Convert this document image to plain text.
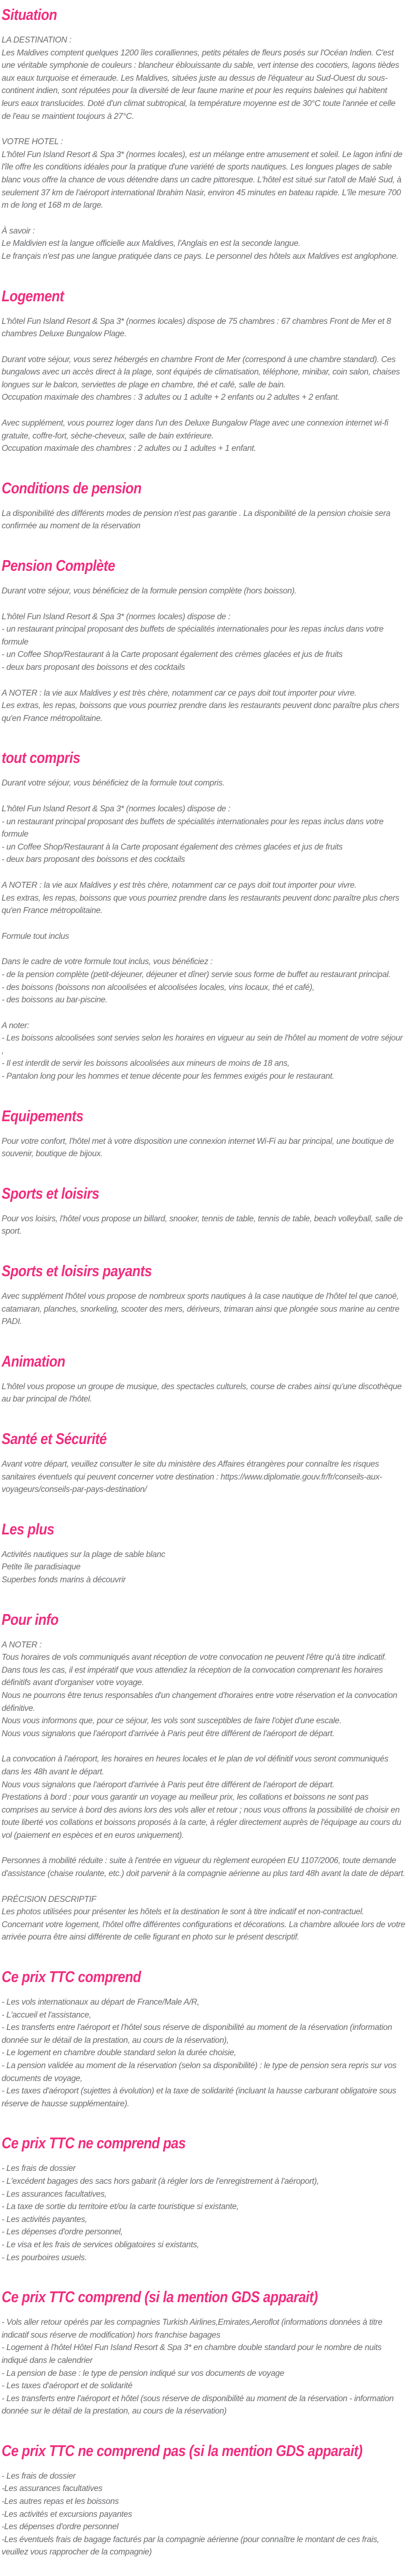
Situation

LA DESTINATION :

Les Maldives comptent quelques 1200 îles coralliennes, petits pétales de fleurs posés sur l'Océan Indien. C'est une véritable symphonie de couleurs : blancheur éblouissante du sable, vert intense des cocotiers, lagons tièdes aux eaux turquoise et émeraude. Les Maldives, situées juste au dessus de l'équateur au Sud-Ouest du sous-continent indien, sont réputées pour la diversité de leur faune marine et pour les requins baleines qui habitent leurs eaux translucides. Doté d'un climat subtropical, la température moyenne est de 30°C toute l'année et celle de l'eau se maintient toujours à 27°C.

VOTRE HOTEL :

L'hôtel Fun Island Resort & Spa 3* (normes locales), est un mélange entre amusement et soleil. Le lagon infini de l'île offre les conditions idéales pour la pratique d'une variété de sports nautiques. Les longues plages de sable blanc vous offre la chance de vous détendre dans un cadre pittoresque. L'hôtel est situé sur l'atoll de Malé Sud, à seulement 37 km de l'aéroport international Ibrahim Nasir, environ 45 minutes en bateau rapide. L'île mesure 700 m de long et 168 m de large.

À savoir :

Le Maldivien est la langue officielle aux Maldives, l'Anglais en est la seconde langue.

Le français n'est pas une langue pratiquée dans ce pays. Le personnel des hôtels aux Maldives est anglophone.

Logement

L'hôtel Fun Island Resort & Spa 3* (normes locales) dispose de 75 chambres : 67 chambres Front de Mer et 8 chambres Deluxe Bungalow Plage.

Durant votre séjour, vous serez hébergés en chambre Front de Mer (correspond à une chambre standard). Ces bungalows avec un accès direct à la plage, sont équipés de climatisation, téléphone, minibar, coin salon, chaises longues sur le balcon, serviettes de plage en chambre, thé et café, salle de bain.

Occupation maximale des chambres : 3 adultes ou 1 adulte + 2 enfants ou 2 adultes + 2 enfant.

Avec supplément, vous pourrez loger dans l'un des Deluxe Bungalow Plage avec une connexion internet wi-fi gratuite, coffre-fort, sèche-cheveux, salle de bain extérieure.

Occupation maximale des chambres : 2 adultes ou 1 adultes + 1 enfant.

Conditions de pension

La disponibilité des différents modes de pension n'est pas garantie . La disponibilité de la pension choisie sera confirmée au moment de la réservation

Pension Complète

Durant votre séjour, vous bénéficiez de la formule pension complète (hors boisson).

L'hôtel Fun Island Resort & Spa 3* (normes locales) dispose de :

- un restaurant principal proposant des buffets de spécialités internationales pour les repas inclus dans votre formule

- un Coffee Shop/Restaurant à la Carte proposant également des crèmes glacées et jus de fruits

- deux bars proposant des boissons et des cocktails

A NOTER : la vie aux Maldives y est très chère, notamment car ce pays doit tout importer pour vivre.

Les extras, les repas, boissons que vous pourriez prendre dans les restaurants peuvent donc paraître plus chers qu'en France métropolitaine.

tout compris

Durant votre séjour, vous bénéficiez de la formule tout compris.

L'hôtel Fun Island Resort & Spa 3* (normes locales) dispose de :

- un restaurant principal proposant des buffets de spécialités internationales pour les repas inclus dans votre formule

- un Coffee Shop/Restaurant à la Carte proposant également des crèmes glacées et jus de fruits

- deux bars proposant des boissons et des cocktails

A NOTER : la vie aux Maldives y est très chère, notamment car ce pays doit tout importer pour vivre.

Les extras, les repas, boissons que vous pourriez prendre dans les restaurants peuvent donc paraître plus chers qu'en France métropolitaine.

Formule tout inclus

Dans le cadre de votre formule tout inclus, vous bénéficiez :

- de la pension complète (petit-déjeuner, déjeuner et dîner) servie sous forme de buffet au restaurant principal.

- des boissons (boissons non alcoolisées et alcoolisées locales, vins locaux, thé et café),

- des boissons au bar-piscine.

A noter:

- Les boissons alcoolisées sont servies selon les horaires en vigueur au sein de l'hôtel au moment de votre séjour ,

- Il est interdit de servir les boissons alcoolisées aux mineurs de moins de 18 ans,

- Pantalon long pour les hommes et tenue décente pour les femmes exigés pour le restaurant.

Equipements

Pour votre confort, l'hôtel met à votre disposition une connexion internet Wi-Fi au bar principal, une boutique de souvenir, boutique de bijoux.

Sports et loisirs

Pour vos loisirs, l'hôtel vous propose un billard, snooker, tennis de table, tennis de table, beach volleyball, salle de sport.

Sports et loisirs payants

Avec supplément l'hôtel vous propose de nombreux sports nautiques à la case nautique de l'hôtel tel que canoë, catamaran, planches, snorkeling, scooter des mers, dériveurs, trimaran ainsi que plongée sous marine au centre PADI.

Animation

L'hôtel vous propose un groupe de musique, des spectacles culturels, course de crabes ainsi qu'une discothèque au bar principal de l'hôtel.

Santé et Sécurité

Avant votre départ, veuillez consulter le site du ministère des Affaires étrangères pour connaître les risques sanitaires éventuels qui peuvent concerner votre destination : https://www.diplomatie.gouv.fr/fr/conseils-aux-voyageurs/conseils-par-pays-destination/

Les plus

Activités nautiques sur la plage de sable blanc

Petite île paradisiaque

Superbes fonds marins à découvrir

Pour info

A NOTER :

Tous horaires de vols communiqués avant réception de votre convocation ne peuvent l'être qu'à titre indicatif.

Dans tous les cas, il est impératif que vous attendiez la réception de la convocation comprenant les horaires définitifs avant d'organiser votre voyage.

Nous ne pourrons être tenus responsables d'un changement d'horaires entre votre réservation et la convocation définitive.

Nous vous informons que, pour ce séjour, les vols sont susceptibles de faire l'objet d'une escale.

Nous vous signalons que l'aéroport d'arrivée à Paris peut être différent de l'aéroport de départ.

La convocation à l'aéroport, les horaires en heures locales et le plan de vol définitif vous seront communiqués dans les 48h avant le départ.

Nous vous signalons que l'aéroport d'arrivée à Paris peut être différent de l'aéroport de départ.

Prestations à bord : pour vous garantir un voyage au meilleur prix, les collations et boissons ne sont pas comprises au service à bord des avions lors des vols aller et retour ; nous vous offrons la possibilité de choisir en toute liberté vos collations et boissons proposés à la carte, à régler directement auprès de l'équipage au cours du vol (paiement en espèces et en euros uniquement).

Personnes à mobilité réduite : suite à l'entrée en vigueur du règlement européen EU 1107/2006, toute demande d'assistance (chaise roulante, etc.) doit parvenir à la compagnie aérienne au plus tard 48h avant la date de départ.

PRÉCISION DESCRIPTIF

Les photos utilisées pour présenter les hôtels et la destination le sont à titre indicatif et non-contractuel. Concernant votre logement, l'hôtel offre différentes configurations et décorations. La chambre allouée lors de votre arrivée pourra être ainsi différente de celle figurant en photo sur le présent descriptif.

Ce prix TTC comprend

- Les vols internationaux au départ de France/Male A/R,

- L'accueil et l'assistance,

- Les transferts entre l'aéroport et l'hôtel sous réserve de disponibilité au moment de la réservation (information donnée sur le détail de la prestation, au cours de la réservation),

- Le logement en chambre double standard selon la durée choisie,

- La pension validée au moment de la réservation (selon sa disponibilité) : le type de pension sera repris sur vos documents de voyage,

- Les taxes d'aéroport (sujettes à évolution) et la taxe de solidarité (incluant la hausse carburant obligatoire sous réserve de hausse supplémentaire).

Ce prix TTC ne comprend pas

- Les frais de dossier

- L'excédent bagages des sacs hors gabarit (à régler lors de l'enregistrement à l'aéroport),

- Les assurances facultatives,

- La taxe de sortie du territoire et/ou la carte touristique si existante,

- Les activités payantes,

- Les dépenses d'ordre personnel,

- Le visa et les frais de services obligatoires si existants,

- Les pourboires usuels.

Ce prix TTC comprend (si la mention GDS apparait)

- Vols aller retour opérés par les compagnies Turkish Airlines,Emirates,Aeroflot (informations données à titre indicatif sous réserve de modification) hors franchise bagages

- Logement à l'hôtel Hôtel Fun Island Resort & Spa 3* en chambre double standard pour le nombre de nuits indiqué dans le calendrier

- La pension de base : le type de pension indiqué sur vos documents de voyage

- Les taxes d'aéroport et de solidarité

- Les transferts entre l'aéroport et hôtel (sous réserve de disponibilité au moment de la réservation - information donnée sur le détail de la prestation, au cours de la réservation)

Ce prix TTC ne comprend pas (si la mention GDS apparait)

- Les frais de dossier

-Les assurances facultatives

-Les autres repas et les boissons

-Les activités et excursions payantes

-Les dépenses d'ordre personnel

-Les éventuels frais de bagage facturés par la compagnie aérienne (pour connaître le montant de ces frais, veuillez vous rapprocher de la compagnie)
